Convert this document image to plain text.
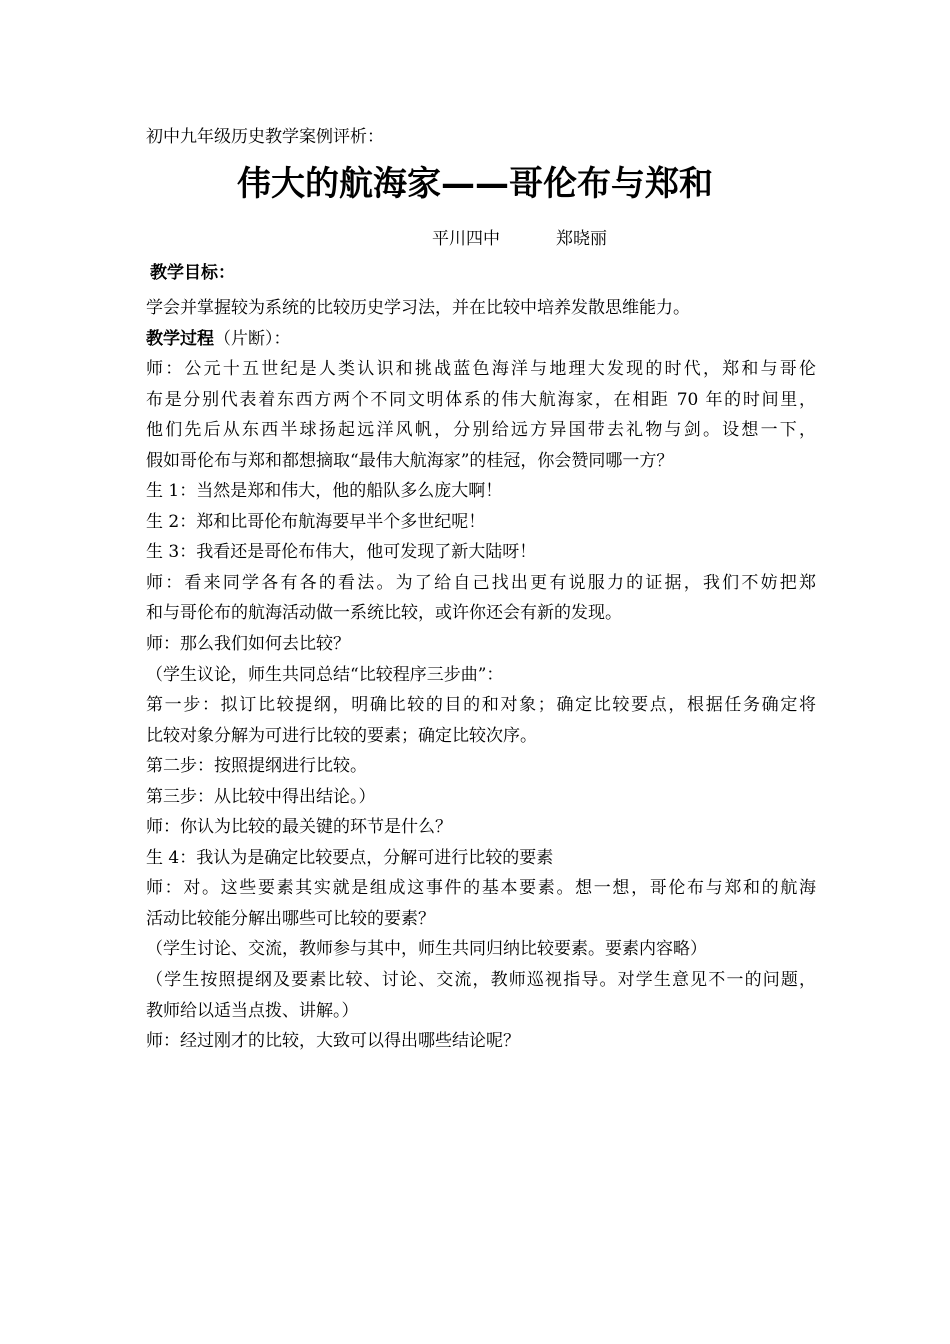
初中九年级历史教学案例评析：
伟大的航海家——哥伦布与郑和
平川四中	郑晓丽
教学目标：
学会并掌握较为系统的比较历史学习法，并在比较中培养发散思维能力。
教学过程（片断）：
师：公元十五世纪是人类认识和挑战蓝色海洋与地理大发现的时代，郑和与哥伦
布是分别代表着东西方两个不同文明体系的伟大航海家，在相距 70 年的时间里，
他们先后从东西半球扬起远洋风帆，分别给远方异国带去礼物与剑。设想一下，
假如哥伦布与郑和都想摘取“最伟大航海家”的桂冠，你会赞同哪一方？
生 1：当然是郑和伟大，他的船队多么庞大啊！
生 2：郑和比哥伦布航海要早半个多世纪呢！
生 3：我看还是哥伦布伟大，他可发现了新大陆呀！
师：看来同学各有各的看法。为了给自己找出更有说服力的证据，我们不妨把郑
和与哥伦布的航海活动做一系统比较，或许你还会有新的发现。
师：那么我们如何去比较？
（学生议论，师生共同总结“比较程序三步曲”：
第一步：拟订比较提纲，明确比较的目的和对象；确定比较要点，根据任务确定将
比较对象分解为可进行比较的要素；确定比较次序。
第二步：按照提纲进行比较。
第三步：从比较中得出结论。）
师：你认为比较的最关键的环节是什么？
生 4：我认为是确定比较要点，分解可进行比较的要素
师：对。这些要素其实就是组成这事件的基本要素。想一想，哥伦布与郑和的航海
活动比较能分解出哪些可比较的要素？
（学生讨论、交流，教师参与其中，师生共同归纳比较要素。要素内容略）
（学生按照提纲及要素比较、讨论、交流，教师巡视指导。对学生意见不一的问题，
教师给以适当点拨、讲解。）
师：经过刚才的比较，大致可以得出哪些结论呢？
